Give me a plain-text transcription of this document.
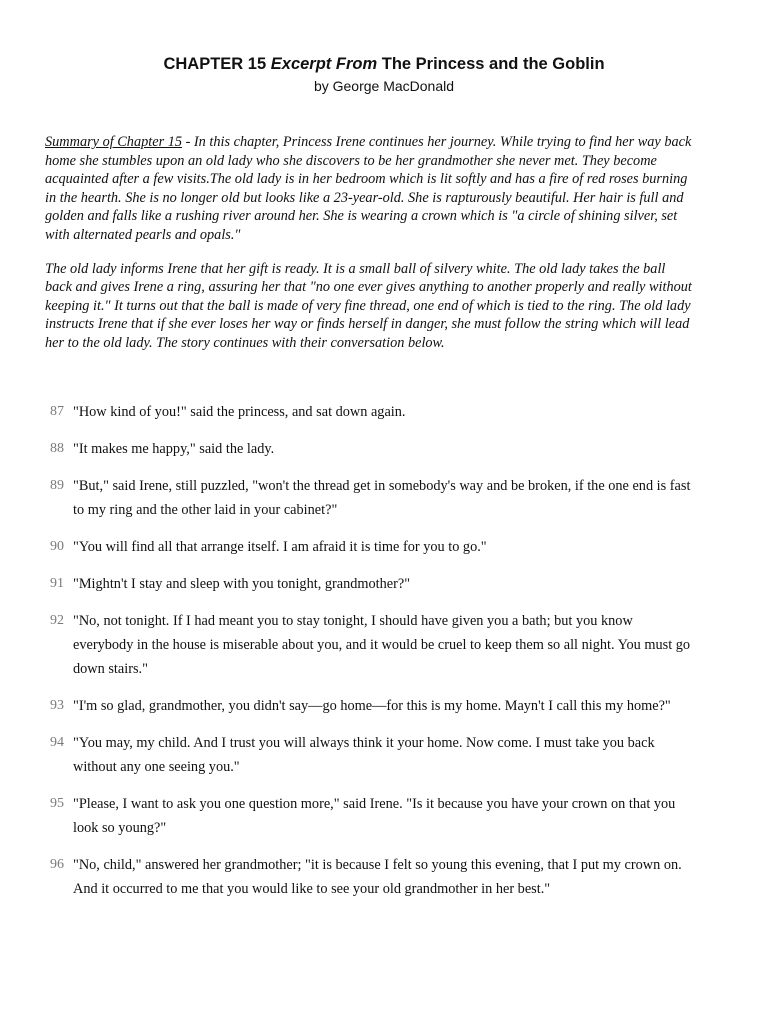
CHAPTER 15 Excerpt From The Princess and the Goblin
by George MacDonald

Summary of Chapter 15 - In this chapter, Princess Irene continues her journey. While trying to find her way back home she stumbles upon an old lady who she discovers to be her grandmother she never met. They become acquainted after a few visits.The old lady is in her bedroom which is lit softly and has a fire of red roses burning in the hearth. She is no longer old but looks like a 23-year-old. She is rapturously beautiful. Her hair is full and golden and falls like a rushing river around her. She is wearing a crown which is "a circle of shining silver, set with alternated pearls and opals."

The old lady informs Irene that her gift is ready. It is a small ball of silvery white. The old lady takes the ball back and gives Irene a ring, assuring her that "no one ever gives anything to another properly and really without keeping it." It turns out that the ball is made of very fine thread, one end of which is tied to the ring. The old lady instructs Irene that if she ever loses her way or finds herself in danger, she must follow the string which will lead her to the old lady. The story continues with their conversation below.

87 "How kind of you!" said the princess, and sat down again.
88 "It makes me happy," said the lady.
89 "But," said Irene, still puzzled, "won't the thread get in somebody's way and be broken, if the one end is fast to my ring and the other laid in your cabinet?"
90 "You will find all that arrange itself. I am afraid it is time for you to go."
91 "Mightn't I stay and sleep with you tonight, grandmother?"
92 "No, not tonight. If I had meant you to stay tonight, I should have given you a bath; but you know everybody in the house is miserable about you, and it would be cruel to keep them so all night. You must go down stairs."
93 "I'm so glad, grandmother, you didn't say—go home—for this is my home. Mayn't I call this my home?"
94 "You may, my child. And I trust you will always think it your home. Now come. I must take you back without any one seeing you."
95 "Please, I want to ask you one question more," said Irene. "Is it because you have your crown on that you look so young?"
96 "No, child," answered her grandmother; "it is because I felt so young this evening, that I put my crown on. And it occurred to me that you would like to see your old grandmother in her best."
